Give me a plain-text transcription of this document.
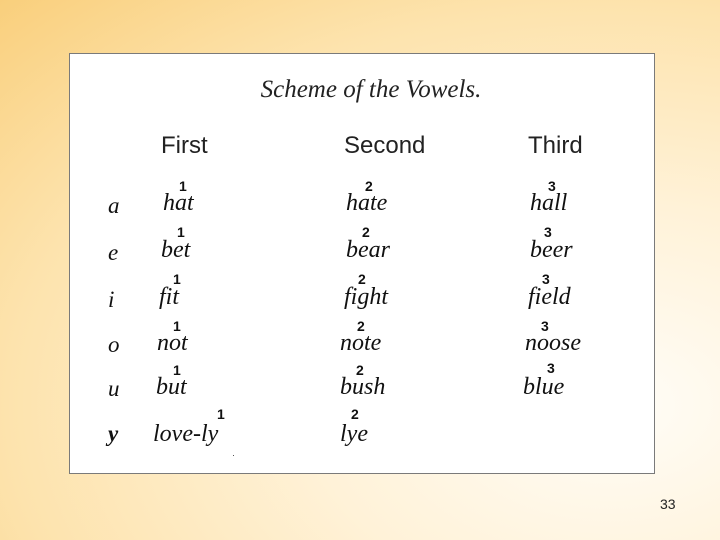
Scheme of the Vowels.
First	Second	Third
a
1
hat
2
hate
3
hall
e
1
bet
2
bear
3
beer
i
1
fit
2
fight
3
field
o
1
not
2
note
3
noose
u
1
but
2
bush
3
blue
y
1
love-ly
2
lye
33
